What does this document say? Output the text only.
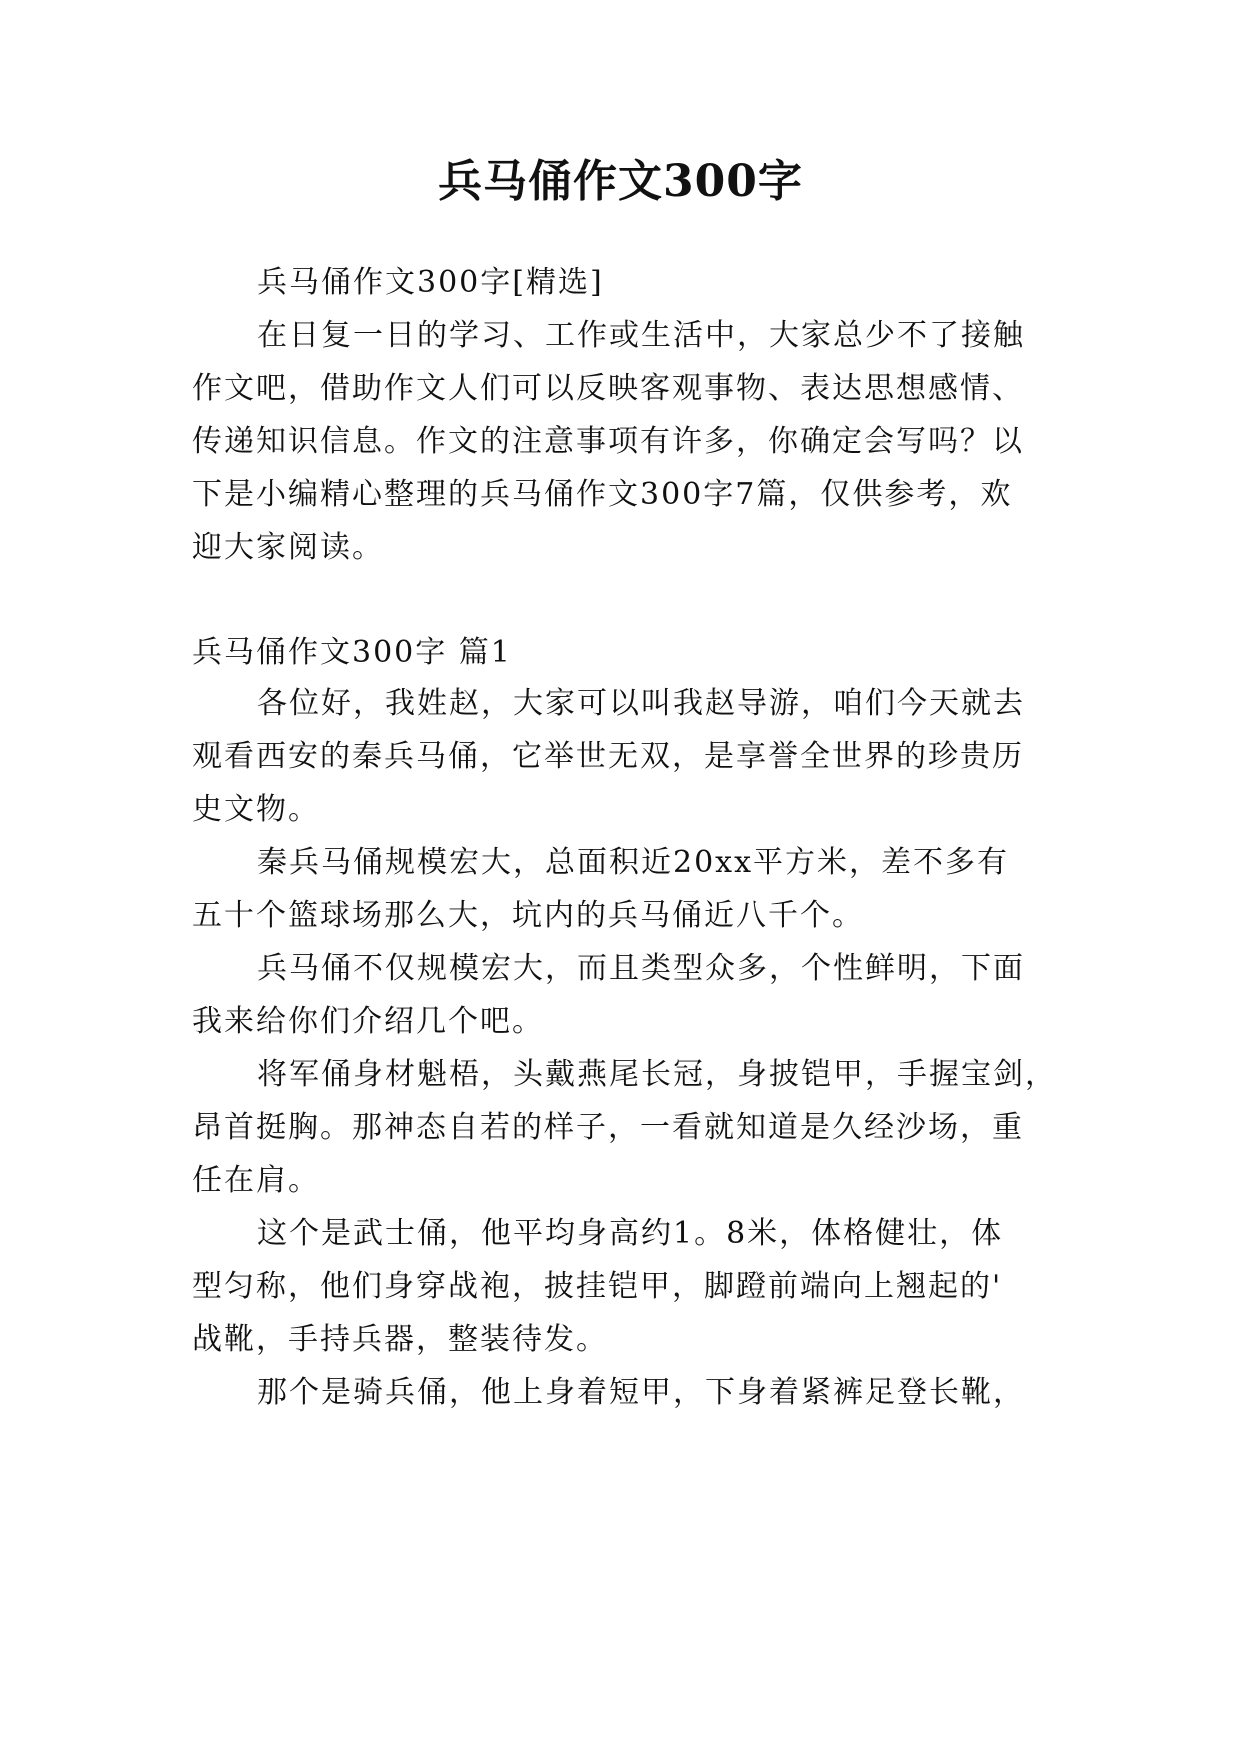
兵马俑作文300字

兵马俑作文300字[精选]

在日复一日的学习、工作或生活中，大家总少不了接触

作文吧，借助作文人们可以反映客观事物、表达思想感情、

传递知识信息。作文的注意事项有许多，你确定会写吗？以

下是小编精心整理的兵马俑作文300字7篇，仅供参考，欢

迎大家阅读。

兵马俑作文300字 篇1

各位好，我姓赵，大家可以叫我赵导游，咱们今天就去

观看西安的秦兵马俑，它举世无双，是享誉全世界的珍贵历

史文物。

秦兵马俑规模宏大，总面积近20xx平方米，差不多有

五十个篮球场那么大，坑内的兵马俑近八千个。

兵马俑不仅规模宏大，而且类型众多，个性鲜明，下面

我来给你们介绍几个吧。

将军俑身材魁梧，头戴燕尾长冠，身披铠甲，手握宝剑，

昂首挺胸。那神态自若的样子，一看就知道是久经沙场，重

任在肩。

这个是武士俑，他平均身高约1。8米，体格健壮，体

型匀称，他们身穿战袍，披挂铠甲，脚蹬前端向上翘起的'

战靴，手持兵器，整装待发。

那个是骑兵俑，他上身着短甲，下身着紧裤足登长靴，
